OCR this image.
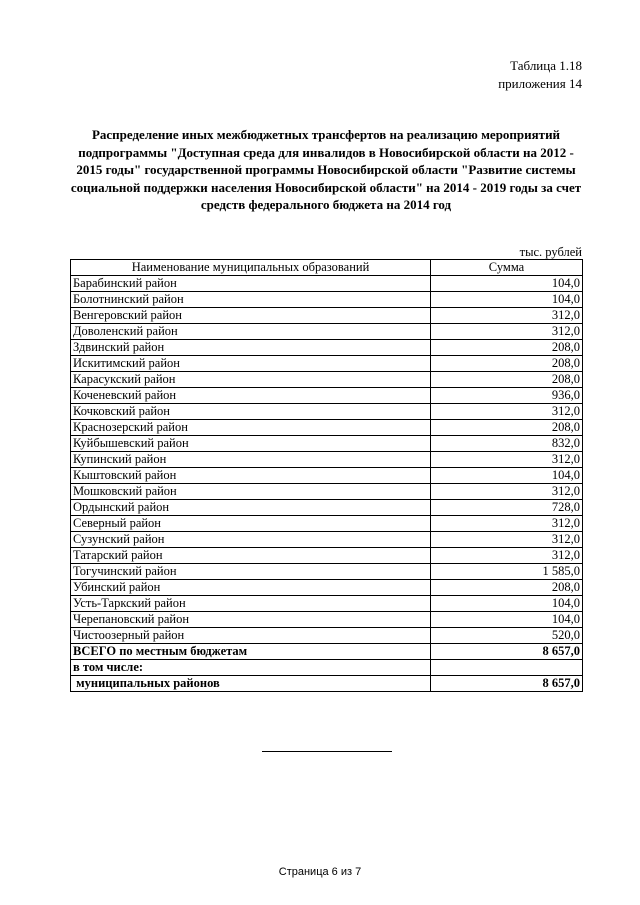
Таблица 1.18
приложения 14
Распределение иных межбюджетных трансфертов на реализацию мероприятий подпрограммы "Доступная среда для инвалидов в Новосибирской области на 2012 - 2015 годы" государственной программы Новосибирской области "Развитие системы социальной поддержки населения Новосибирской области" на 2014 - 2019 годы за счет средств федерального бюджета на 2014 год
тыс. рублей
Наименование муниципальных образований	Сумма
Барабинский район	104,0
Болотнинский район	104,0
Венгеровский район	312,0
Доволенский район	312,0
Здвинский район	208,0
Искитимский район	208,0
Карасукский район	208,0
Коченевский район	936,0
Кочковский район	312,0
Краснозерский район	208,0
Куйбышевский район	832,0
Купинский район	312,0
Кыштовский район	104,0
Мошковский район	312,0
Ордынский район	728,0
Северный район	312,0
Сузунский район	312,0
Татарский район	312,0
Тогучинский район	1 585,0
Убинский район	208,0
Усть-Таркский район	104,0
Черепановский район	104,0
Чистоозерный район	520,0
ВСЕГО по местным бюджетам	8 657,0
в том числе:	
муниципальных районов	8 657,0
Страница 6 из 7
